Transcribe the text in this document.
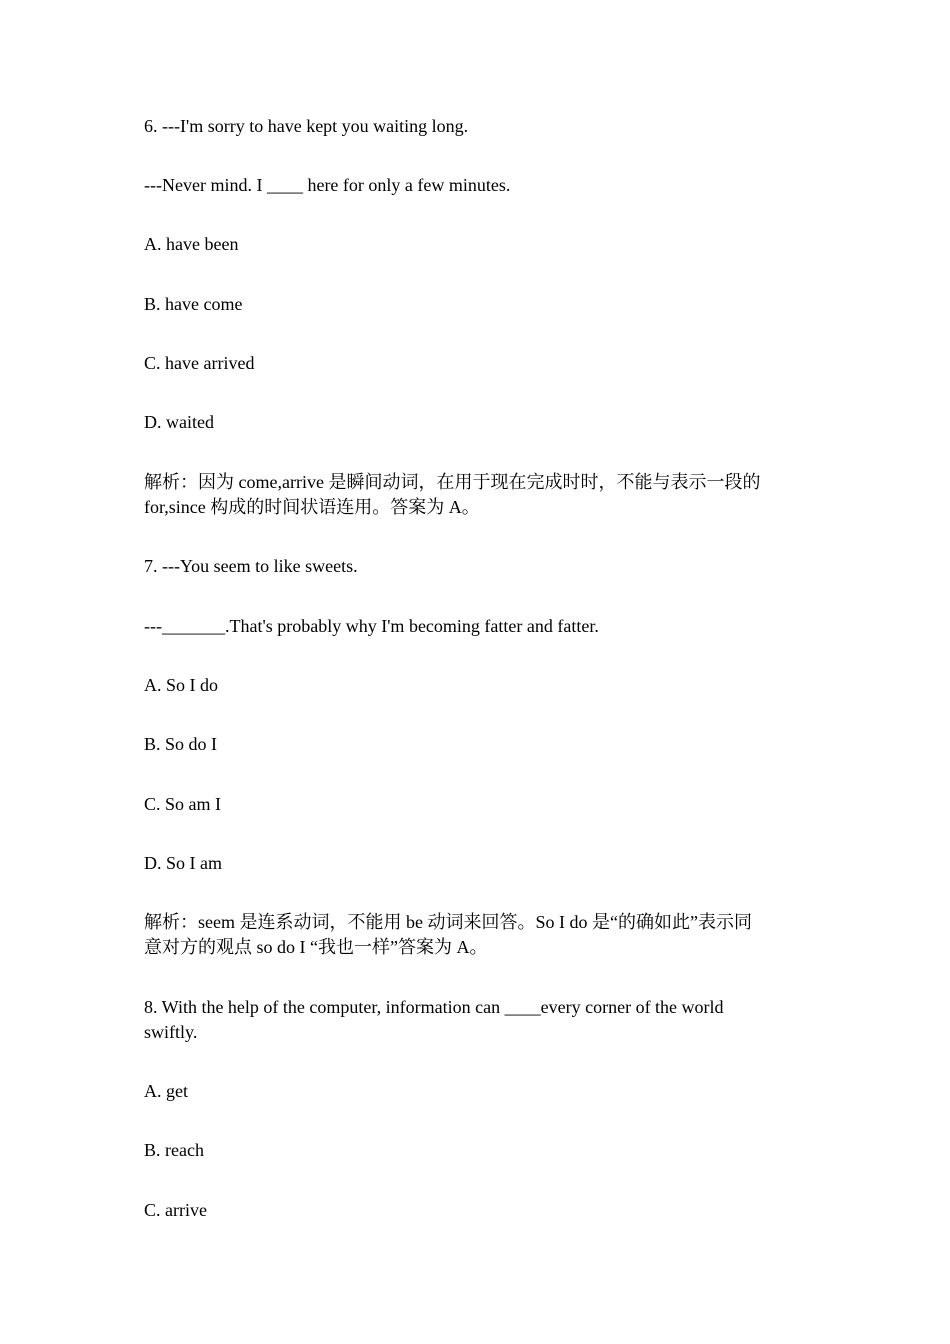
6. ---I'm sorry to have kept you waiting long.
---Never mind. I ____ here for only a few minutes.
A. have been
B. have come
C. have arrived
D. waited
解析：因为 come,arrive 是瞬间动词，在用于现在完成时时，不能与表示一段的
for,since 构成的时间状语连用。答案为 A。
7. ---You seem to like sweets.
---_______.That's probably why I'm becoming fatter and fatter.
A. So I do
B. So do I
C. So am I
D. So I am
解析：seem 是连系动词，不能用 be 动词来回答。So I do 是“的确如此”表示同
意对方的观点 so do I “我也一样”答案为 A。
8. With the help of the computer, information can ____every corner of the world
swiftly.
A. get
B. reach
C. arrive
